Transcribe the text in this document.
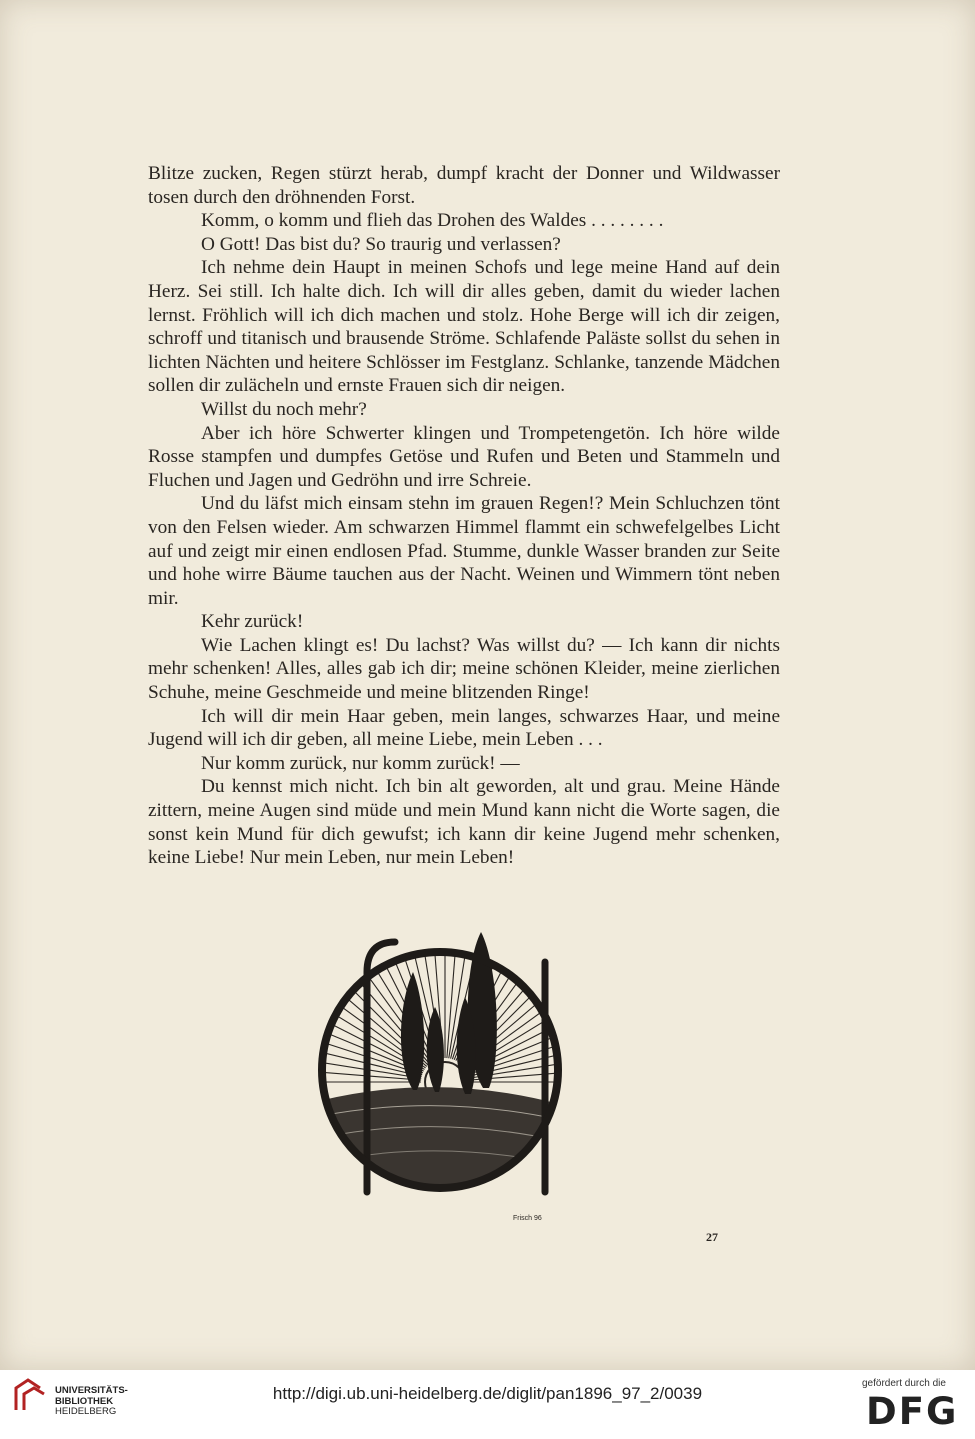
Blitze zucken, Regen stürzt herab, dumpf kracht der Donner und Wildwasser tosen durch den dröhnenden Forst.

Komm, o komm und flieh das Drohen des Waldes . . . . . . . .

O Gott! Das bist du? So traurig und verlassen?

Ich nehme dein Haupt in meinen Schofs und lege meine Hand auf dein Herz. Sei still. Ich halte dich. Ich will dir alles geben, damit du wieder lachen lernst. Fröhlich will ich dich machen und stolz. Hohe Berge will ich dir zeigen, schroff und titanisch und brausende Ströme. Schlafende Paläste sollst du sehen in lichten Nächten und heitere Schlösser im Festglanz. Schlanke, tanzende Mädchen sollen dir zulächeln und ernste Frauen sich dir neigen.

Willst du noch mehr?

Aber ich höre Schwerter klingen und Trompetengetön. Ich höre wilde Rosse stampfen und dumpfes Getöse und Rufen und Beten und Stammeln und Fluchen und Jagen und Gedröhn und irre Schreie.

Und du läfst mich einsam stehn im grauen Regen!? Mein Schluchzen tönt von den Felsen wieder. Am schwarzen Himmel flammt ein schwefelgelbes Licht auf und zeigt mir einen endlosen Pfad. Stumme, dunkle Wasser branden zur Seite und hohe wirre Bäume tauchen aus der Nacht. Weinen und Wimmern tönt neben mir.

Kehr zurück!

Wie Lachen klingt es! Du lachst? Was willst du? — Ich kann dir nichts mehr schenken! Alles, alles gab ich dir; meine schönen Kleider, meine zierlichen Schuhe, meine Geschmeide und meine blitzenden Ringe!

Ich will dir mein Haar geben, mein langes, schwarzes Haar, und meine Jugend will ich dir geben, all meine Liebe, mein Leben . . .

Nur komm zurück, nur komm zurück! —

Du kennst mich nicht. Ich bin alt geworden, alt und grau. Meine Hände zittern, meine Augen sind müde und mein Mund kann nicht die Worte sagen, die sonst kein Mund für dich gewufst; ich kann dir keine Jugend mehr schenken, keine Liebe! Nur mein Leben, nur mein Leben!

Frisch 96
27
UNIVERSITÄTS-
BIBLIOTHEK
HEIDELBERG
http://digi.ub.uni-heidelberg.de/diglit/pan1896_97_2/0039
gefördert durch die
DFG
